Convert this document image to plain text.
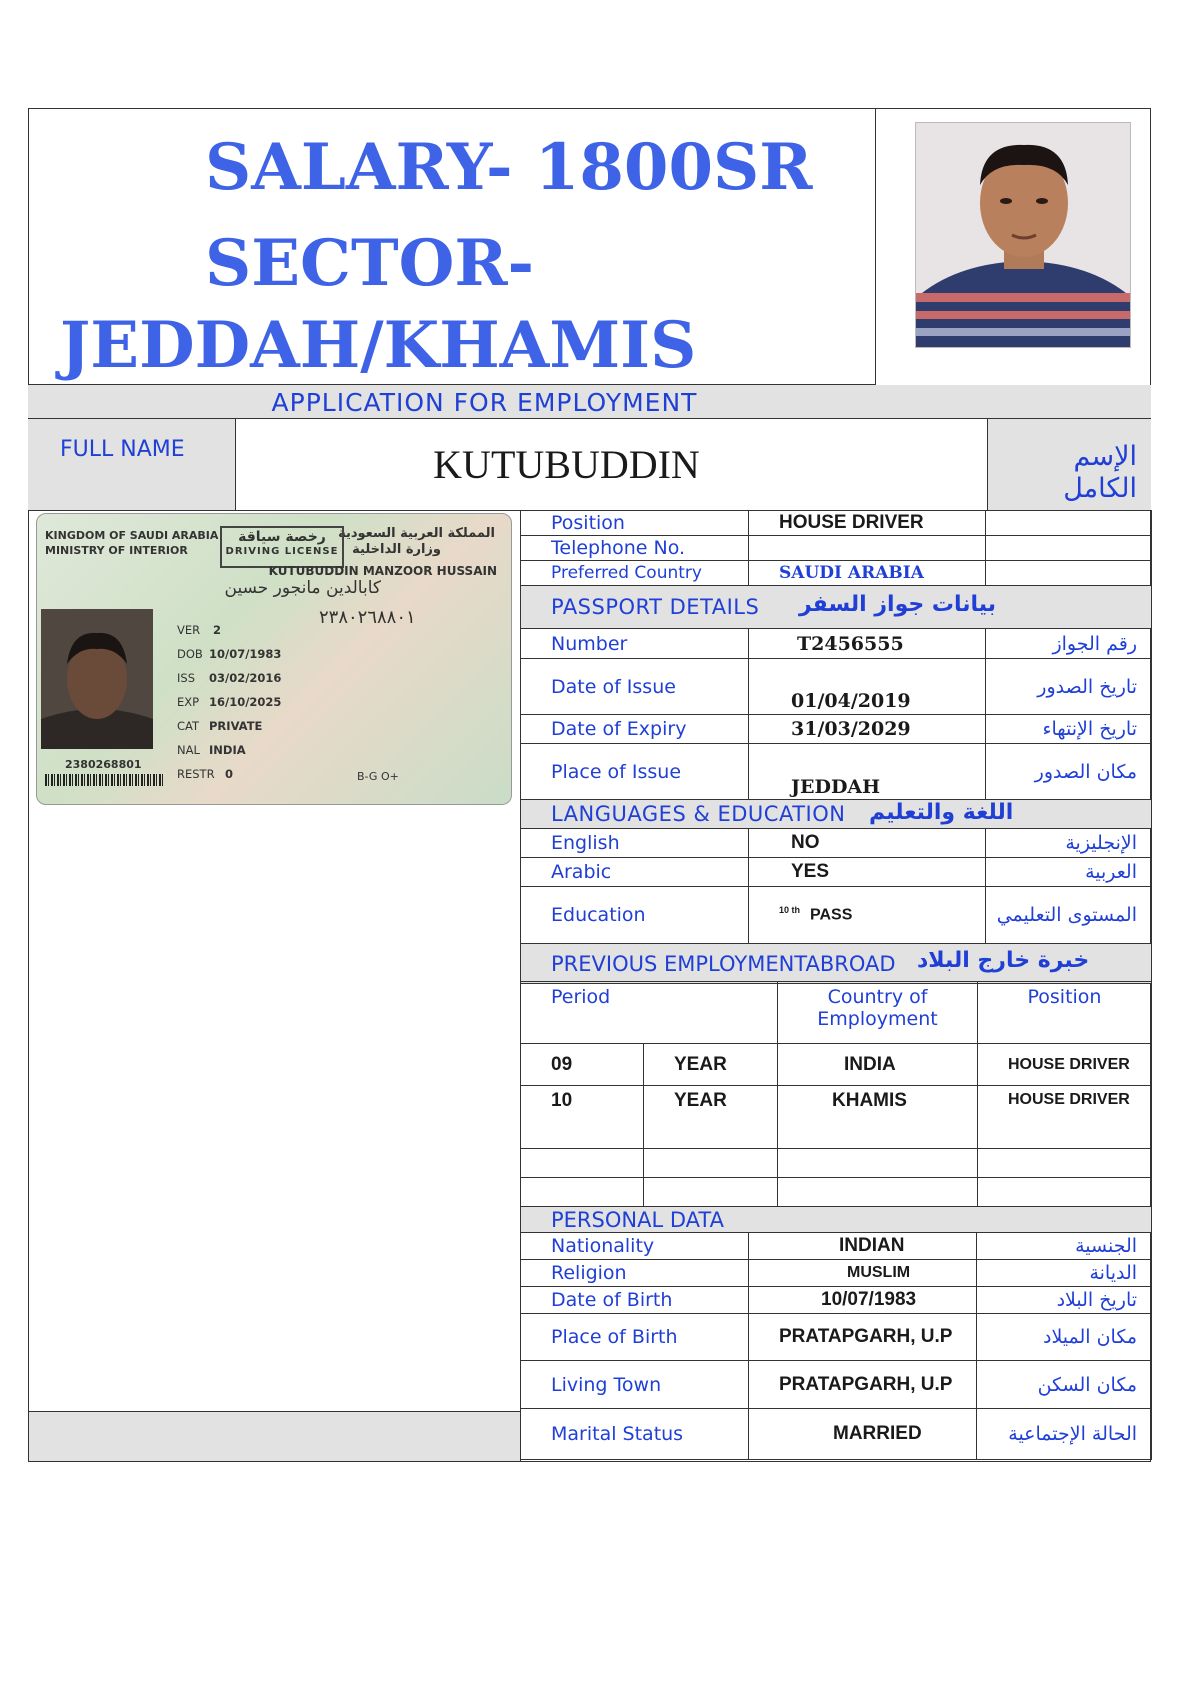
SALARY- 1800SR
SECTOR-
JEDDAH/KHAMIS
APPLICATION FOR EMPLOYMENT
FULL NAME	KUTUBUDDIN	الإسم الكامل
KINGDOM OF SAUDI ARABIA
MINISTRY OF INTERIOR
المملكة العربية السعودية
وزارة الداخلية
رخصة سياقة
DRIVING LICENSE
KUTUBUDDIN MANZOOR HUSSAIN
كابالدين مانجور حسين
٢٣٨٠٢٦٨٨٠١
VER 2
DOB 10/07/1983
ISS 03/02/2016
EXP 16/10/2025
CAT PRIVATE
NAL INDIA
RESTR 0
2380268801
B-G O+
Position	HOUSE DRIVER	
Telephone No.		
Preferred Country	SAUDI ARABIA	
PASSPORT DETAILS بيانات جواز السفر		

Number	T2456555	رقم الجواز
Date of Issue	01/04/2019	تاريخ الصدور
Date of Expiry	31/03/2029	تاريخ الإنتهاء
Place of Issue	JEDDAH	مكان الصدور
LANGUAGES & EDUCATION اللغة والتعليم		

English	NO	الإنجليزية
Arabic	YES	العربية
Education	$^{10 th}$ PASS	المستوى التعليمي
PREVIOUS EMPLOYMENTABROAD خبرة خارج البلاد		
Period		Country of Employment	Position
09	YEAR	INDIA	HOUSE DRIVER
10	YEAR	KHAMIS	HOUSE DRIVER

PERSONAL DATA		
Nationality	INDIAN	الجنسية
Religion	MUSLIM	الديانة
Date of Birth	10/07/1983	تاريخ البلاد
Place of Birth	PRATAPGARH, U.P	مكان الميلاد
Living Town	PRATAPGARH, U.P	مكان السكن
Marital Status	MARRIED	الحالة الإجتماعية
